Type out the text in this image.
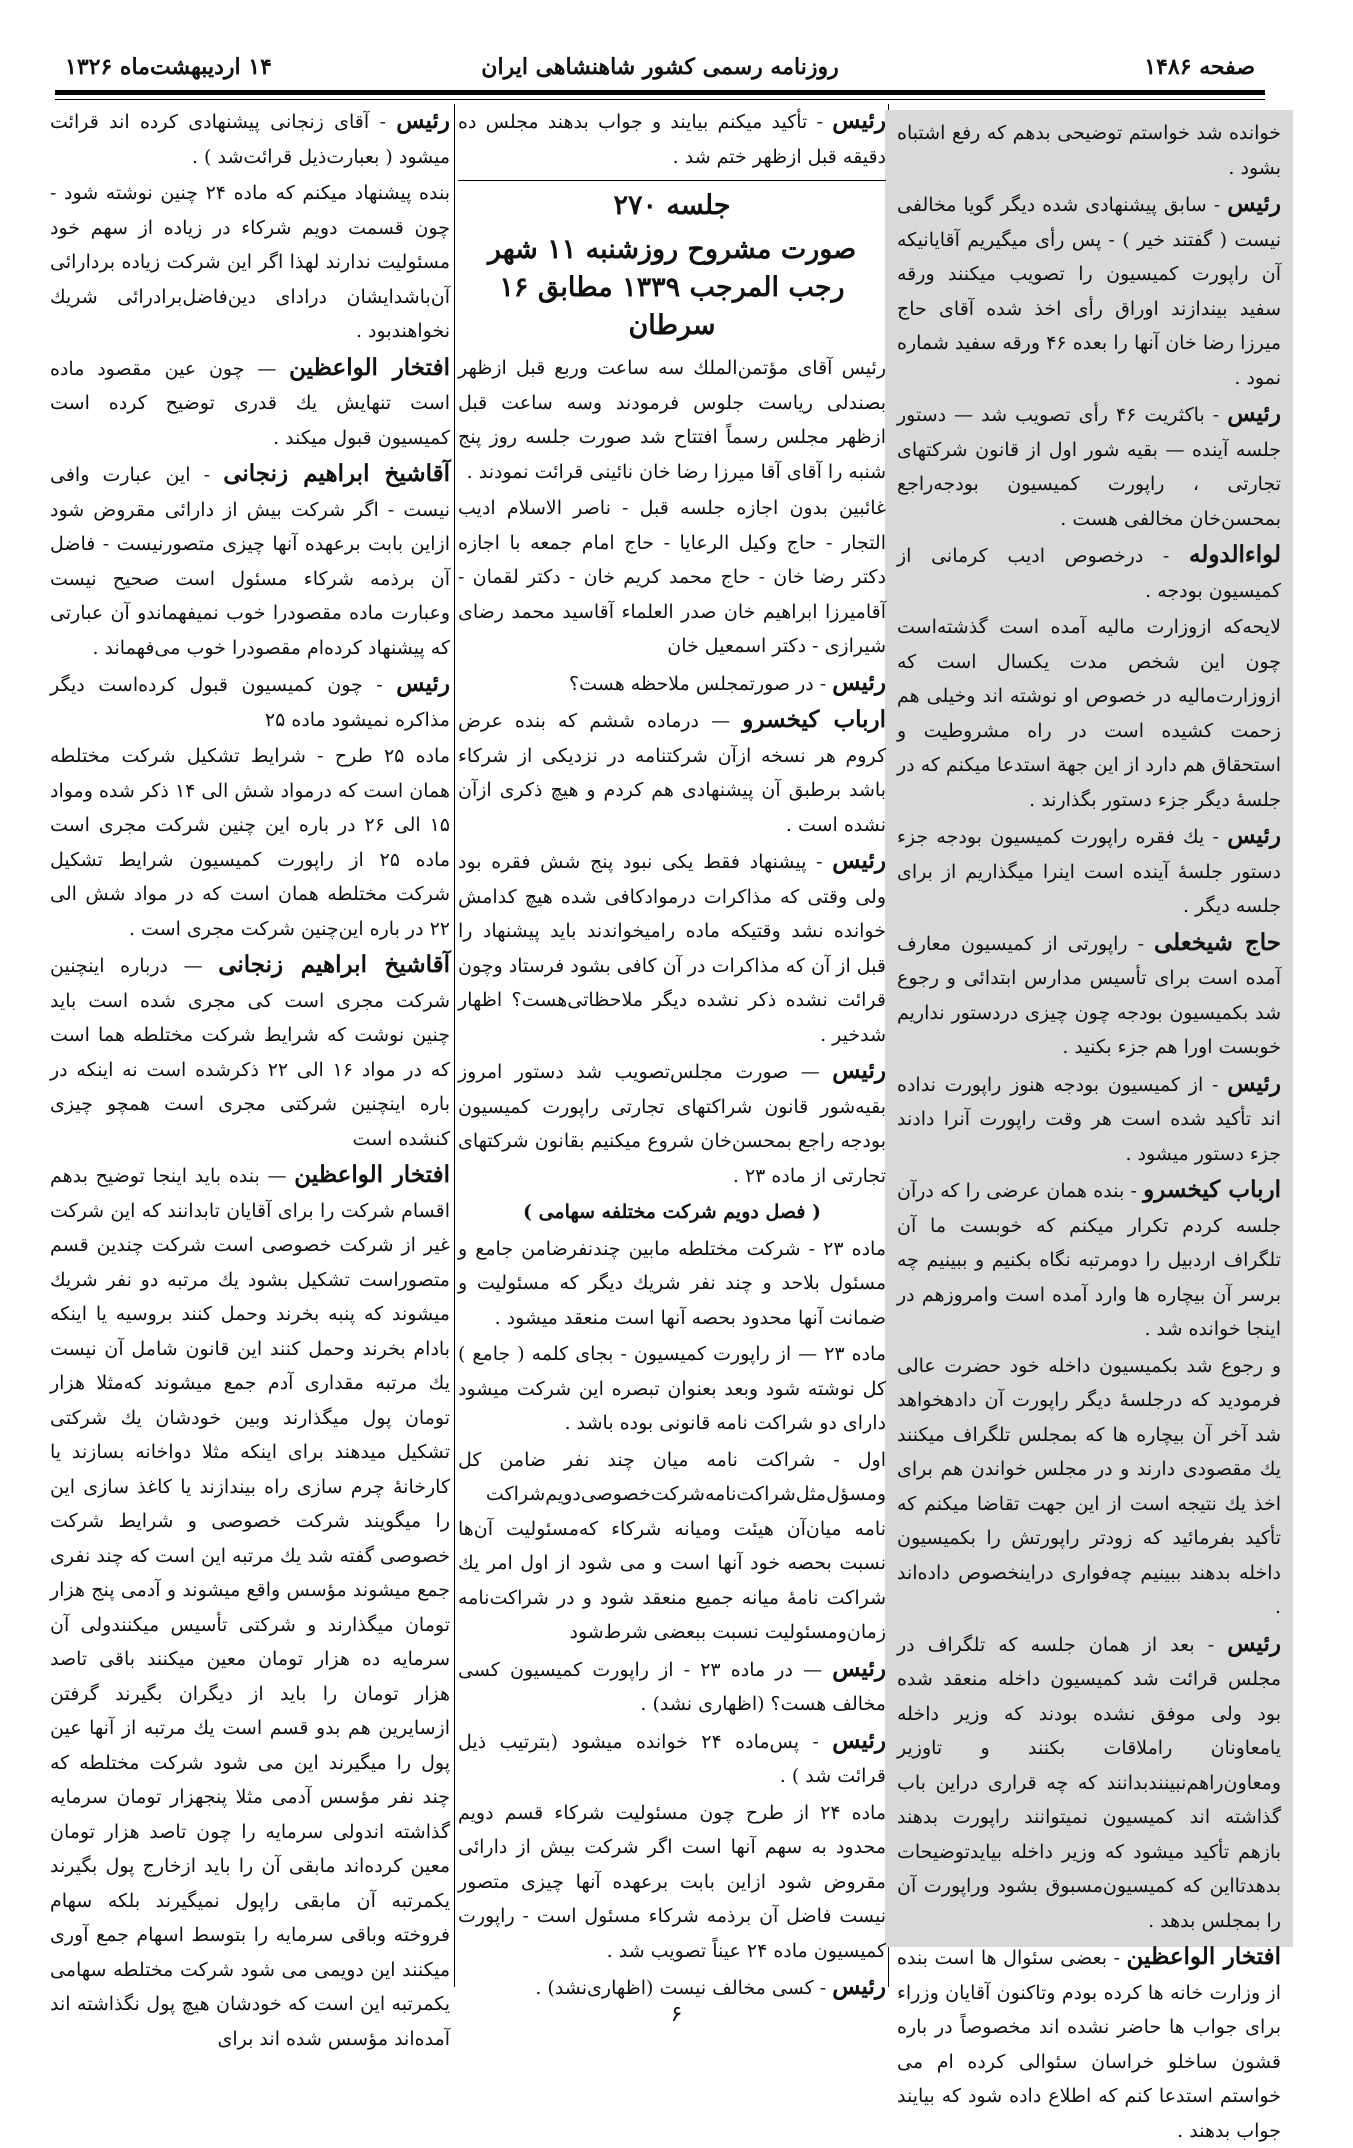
صفحه ۱۴۸۶
روزنامه رسمی کشور شاهنشاهی ایران
۱۴ اردیبهشت‌ماه ۱۳۲۶

خوانده شد خواستم توضیحی بدهم که رفع اشتباه بشود .

رئیس - سابق پیشنهادی شده دیگر گویا مخالفی نیست ( گفتند خیر ) - پس رأی میگیریم آقایانیکه آن راپورت کمیسیون را تصویب میکنند ورقه سفید بیندازند اوراق رأی اخذ شده آقای حاج میرزا رضا خان آنها را بعده ۴۶ ورقه سفید شماره نمود .

رئیس - باکثریت ۴۶ رأی تصویب شد — دستور جلسه آینده — بقیه شور اول از قانون شرکتهای تجارتی ، راپورت کمیسیون بودجه‌راجع بمحسن‌خان مخالفی هست .

لواءالدوله - درخصوص ادیب کرمانی از کمیسیون بودجه .

لایحه‌که ازوزارت مالیه آمده است گذشته‌است چون این شخص مدت یکسال است که ازوزارت‌مالیه در خصوص او نوشته اند وخیلی هم زحمت کشیده است در راه مشروطیت و استحقاق هم دارد از این جهة استدعا میکنم که در جلسهٔ دیگر جزء دستور بگذارند .

رئیس - یك فقره راپورت کمیسیون بودجه جزء دستور جلسهٔ آینده است اینرا میگذاریم از برای جلسه دیگر .

حاج شیخعلی - راپورتی از کمیسیون معارف آمده است برای تأسیس مدارس ابتدائی و رجوع شد بکمیسیون بودجه چون چیزی دردستور نداریم خوبست اورا هم جزء بکنید .

رئیس - از کمیسیون بودجه هنوز راپورت نداده اند تأکید شده است هر وقت راپورت آنرا دادند جزء دستور میشود .

ارباب کیخسرو - بنده همان عرضی را که درآن جلسه کردم تکرار میکنم که خوبست ما آن تلگراف اردبیل را دومرتبه نگاه بکنیم و ببینیم چه برسر آن بیچاره ها وارد آمده است وامروزهم در اینجا خوانده شد .

و رجوع شد بکمیسیون داخله خود حضرت عالی فرمودید که درجلسهٔ دیگر راپورت آن دادهخواهد شد آخر آن بیچاره ها که بمجلس تلگراف میکنند یك مقصودی دارند و در مجلس خواندن هم برای اخذ یك نتیجه است از این جهت تقاضا میکنم که تأکید بفرمائید که زودتر راپورتش را بکمیسیون داخله بدهند ببینیم چه‌فواری دراینخصوص داده‌اند .

رئیس - بعد از همان جلسه که تلگراف در مجلس قرائت شد کمیسیون داخله منعقد شده بود ولی موفق نشده بودند که وزیر داخله یامعاونان راملاقات بکنند و تاوزیر ومعاون‌راهم‌نبینندبدانند که چه قراری دراین باب گذاشته اند کمیسیون نمیتوانند راپورت بدهند بازهم تأکید میشود که وزیر داخله بیایدتوضیحات بدهدتااین که کمیسیون‌مسبوق بشود وراپورت آن را بمجلس بدهد .

افتخار الواعظین - بعضی سئوال ها است بنده از وزارت خانه ها کرده بودم وتاکنون آقایان وزراء برای جواب ها حاضر نشده اند مخصوصاً در باره قشون ساخلو خراسان سئوالی کرده ام می خواستم استدعا کنم که اطلاع داده شود که بیایند جواب بدهند .

رئیس - تأکید میکنم بیایند و جواب بدهند مجلس ده دقیقه قبل ازظهر ختم شد .

جلسه ۲۷۰
صورت مشروح روزشنبه ۱۱ شهر رجب المرجب ۱۳۳۹ مطابق ۱۶ سرطان

رئیس آقای مؤتمن‌الملك سه ساعت وربع قبل ازظهر بصندلی ریاست جلوس فرمودند وسه ساعت قبل ازظهر مجلس رسماً افتتاح شد صورت جلسه روز پنج شنبه را آقای آقا میرزا رضا خان نائینی قرائت نمودند .

غائبین بدون اجازه جلسه قبل - ناصر الاسلام ادیب التجار - حاج وکیل الرعایا - حاج امام جمعه با اجازه دکتر رضا خان - حاج محمد کریم خان - دکتر لقمان - آقامیرزا ابراهیم خان صدر العلماء آقاسید محمد رضای شیرازی - دکتر اسمعیل خان

رئیس - در صورتمجلس ملاحظه هست؟

ارباب کیخسرو — درماده ششم که بنده عرض کروم هر نسخه ازآن شرکتنامه در نزدیکی از شرکاء باشد برطبق آن پیشنهادی هم کردم و هیچ ذکری ازآن نشده است .

رئیس - پیشنهاد فقط یکی نبود پنج شش فقره بود ولی وقتی که مذاکرات درموادکافی شده هیچ کدامش خوانده نشد وقتیکه ماده رامیخواندند باید پیشنهاد را قبل از آن که مذاکرات در آن کافی بشود فرستاد وچون قرائت نشده ذکر نشده دیگر ملاحظاتی‌هست؟ اظهار شدخیر .

رئیس — صورت مجلس‌تصویب شد دستور امروز بقیه‌شور قانون شراکتهای تجارتی راپورت کمیسیون بودجه راجع بمحسن‌خان شروع میکنیم بقانون شرکتهای تجارتی از ماده ۲۳ .

( فصل دویم شرکت مختلفه سهامی )

ماده ۲۳ - شرکت مختلطه مابین چندنفرضامن جامع و مسئول بلاحد و چند نفر شریك دیگر که مسئولیت و ضمانت آنها محدود بحصه آنها است منعقد میشود .

ماده ۲۳ — از راپورت کمیسیون - بجای کلمه ( جامع ) کل نوشته شود وبعد بعنوان تبصره این شرکت میشود دارای دو شراکت نامه قانونی بوده باشد .

اول - شراکت نامه میان چند نفر ضامن کل ومسؤل‌مثل‌شراکت‌نامه‌شرکت‌خصوصی‌دویم‌شراکت نامه میان‌آن هیئت ومیانه شرکاء که‌مسئولیت آن‌ها نسبت بحصه خود آنها است و می شود از اول امر یك شراکت نامهٔ میانه جمیع منعقد شود و در شراکت‌نامه زمان‌ومسئولیت نسبت ببعضی شرط‌شود

رئیس — در ماده ۲۳ - از راپورت کمیسیون کسی مخالف هست؟ (اظهاری نشد) .

رئیس - پس‌ماده ۲۴ خوانده میشود (بترتیب ذیل قرائت شد ) .

ماده ۲۴ از طرح چون مسئولیت شرکاء قسم دویم محدود به سهم آنها است اگر شرکت بیش از دارائی مقروض شود ازاین بابت برعهده آنها چیزی متصور نیست فاضل آن برذمه شرکاء مسئول است - راپورت کمیسیون ماده ۲۴ عیناً تصویب شد .

رئیس - کسی مخالف نیست (اظهاری‌نشد) .

رئیس - آقای زنجانی پیشنهادی کرده اند قرائت میشود ( بعبارت‌ذیل قرائت‌شد ) .

بنده پیشنهاد میکنم که ماده ۲۴ چنین نوشته شود - چون قسمت دویم شرکاء در زیاده از سهم خود مسئولیت ندارند لهذا اگر این شرکت زیاده بردارائی آن‌باشدایشان درادای دین‌فاضل‌برادرائی شریك نخواهندبود .

افتخار الواعظین — چون عین مقصود ماده است تنهایش یك قدری توضیح کرده است کمیسیون قبول میکند .

آقاشیخ ابراهیم زنجانی - این عبارت وافی نیست - اگر شرکت بیش از دارائی مقروض شود ازاین بابت برعهده آنها چیزی متصورنیست - فاضل آن برذمه شرکاء مسئول است صحیح نیست وعبارت ماده مقصودرا خوب نمیفهماندو آن عبارتی که پیشنهاد کرده‌ام مقصودرا خوب می‌فهماند .

رئیس - چون کمیسیون قبول کرده‌است دیگر مذاکره نمیشود ماده ۲۵

ماده ۲۵ طرح - شرایط تشکیل شرکت مختلطه همان است که درمواد شش الی ۱۴ ذکر شده ومواد ۱۵ الی ۲۶ در باره این چنین شرکت مجری است ماده ۲۵ از راپورت کمیسیون شرایط تشکیل شرکت مختلطه همان است که در مواد شش الی ۲۲ در باره این‌چنین شرکت مجری است .

آقاشیخ ابراهیم زنجانی — درباره اینچنین شرکت مجری است کی مجری شده است باید چنین نوشت که شرایط شرکت مختلطه هما است که در مواد ۱۶ الی ۲۲ ذکرشده است نه اینکه در باره اینچنین شرکتی مجری است همچو چیزی کنشده است

افتخار الواعظین — بنده باید اینجا توضیح بدهم اقسام شرکت را برای آقایان تابدانند که این شرکت غیر از شرکت خصوصی است شرکت چندین قسم متصوراست تشکیل بشود یك مرتبه دو نفر شریك میشوند که پنبه بخرند وحمل کنند بروسیه یا اینکه بادام بخرند وحمل کنند این قانون شامل آن نیست یك مرتبه مقداری آدم جمع میشوند که‌مثلا هزار تومان پول میگذارند وبین خودشان یك شرکتی تشکیل میدهند برای اینکه مثلا دواخانه بسازند یا کارخانهٔ چرم سازی راه بیندازند یا کاغذ سازی این را میگویند شرکت خصوصی و شرایط شرکت خصوصی گفته شد یك مرتبه این است که چند نفری جمع میشوند مؤسس واقع میشوند و آدمی پنج هزار تومان میگذارند و شرکتی تأسیس میکنندولی آن سرمایه ده هزار تومان معین میکنند باقی تاصد هزار تومان را باید از دیگران بگیرند گرفتن ازسایرین هم بدو قسم است یك مرتبه از آنها عین پول را میگیرند این می شود شرکت مختلطه که چند نفر مؤسس آدمی مثلا پنجهزار تومان سرمایه گذاشته اندولی سرمایه را چون تاصد هزار تومان معین کرده‌اند مابقی آن را باید ازخارج پول بگیرند یکمرتبه آن مابقی راپول نمیگیرند بلکه سهام فروخته وباقی سرمایه را بتوسط اسهام جمع آوری میکنند این دویمی می شود شرکت مختلطه سهامی یکمرتبه این است که خودشان هیچ پول نگذاشته اند آمده‌اند مؤسس شده اند برای

۶
